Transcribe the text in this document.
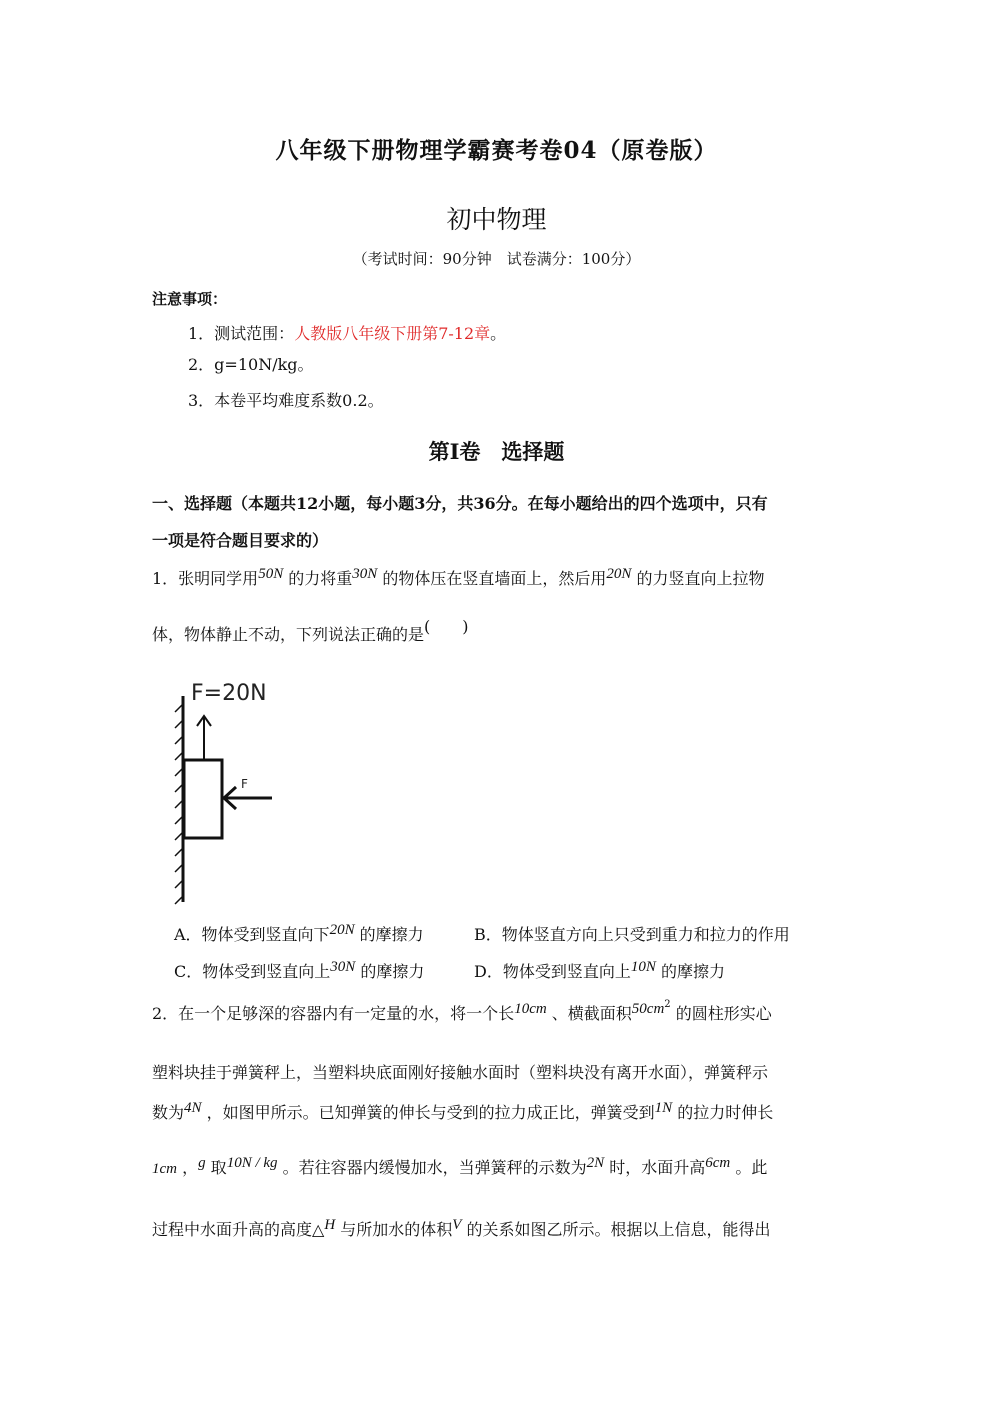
八年级下册物理学霸赛考卷04（原卷版）
初中物理
（考试时间：90分钟　试卷满分：100分）
注意事项：
1．测试范围：人教版八年级下册第7-12章。
2．g=10N/kg。
3．本卷平均难度系数0.2。
第Ⅰ卷　选择题
一、选择题（本题共12小题，每小题3分，共36分。在每小题给出的四个选项中，只有
一项是符合题目要求的）
1．张明同学用50N 的力将重30N 的物体压在竖直墙面上，然后用20N 的力竖直向上拉物
体，物体静止不动，下列说法正确的是(　　)
F=20N
F
A．物体受到竖直向下20N 的摩擦力	B．物体竖直方向上只受到重力和拉力的作用
C．物体受到竖直向上30N 的摩擦力	D．物体受到竖直向上10N 的摩擦力
2．在一个足够深的容器内有一定量的水，将一个长10cm 、横截面积$50cm^2$ 的圆柱形实心
塑料块挂于弹簧秤上，当塑料块底面刚好接触水面时（塑料块没有离开水面），弹簧秤示
数为4N ，如图甲所示。已知弹簧的伸长与受到的拉力成正比，弹簧受到1N 的拉力时伸长
1cm ，g 取10N / kg 。若往容器内缓慢加水，当弹簧秤的示数为2N 时，水面升高6cm 。此
过程中水面升高的高度△H 与所加水的体积V 的关系如图乙所示。根据以上信息，能得出
